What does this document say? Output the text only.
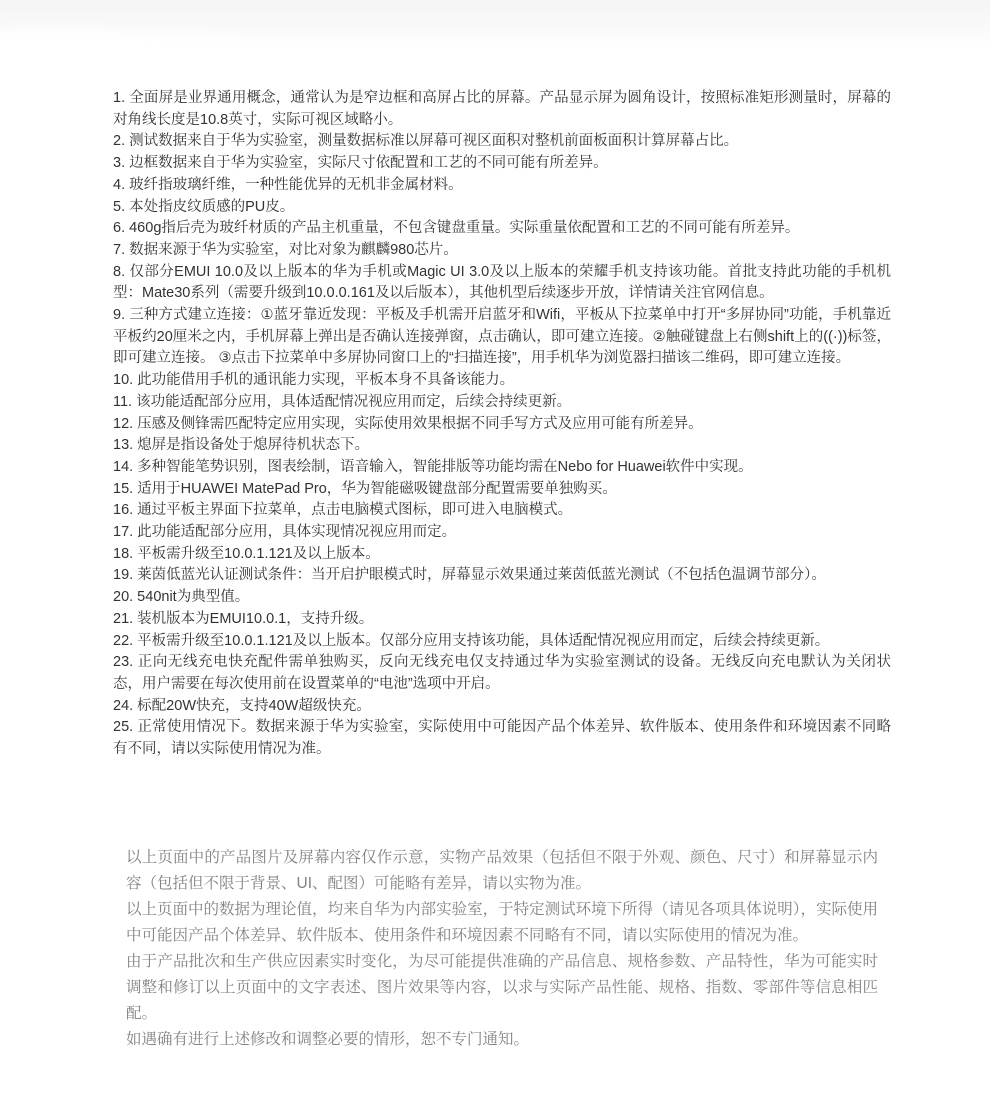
1. 全面屏是业界通用概念，通常认为是窄边框和高屏占比的屏幕。产品显示屏为圆角设计，按照标准矩形测量时，屏幕的对角线长度是10.8英寸，实际可视区域略小。

2. 测试数据来自于华为实验室，测量数据标准以屏幕可视区面积对整机前面板面积计算屏幕占比。

3. 边框数据来自于华为实验室，实际尺寸依配置和工艺的不同可能有所差异。

4. 玻纤指玻璃纤维，一种性能优异的无机非金属材料。

5. 本处指皮纹质感的PU皮。

6. 460g指后壳为玻纤材质的产品主机重量，不包含键盘重量。实际重量依配置和工艺的不同可能有所差异。

7. 数据来源于华为实验室，对比对象为麒麟980芯片。

8. 仅部分EMUI 10.0及以上版本的华为手机或Magic UI 3.0及以上版本的荣耀手机支持该功能。首批支持此功能的手机机型：Mate30系列（需要升级到10.0.0.161及以后版本），其他机型后续逐步开放，详情请关注官网信息。

9. 三种方式建立连接：①蓝牙靠近发现：平板及手机需开启蓝牙和Wifi，平板从下拉菜单中打开“多屏协同”功能，手机靠近平板约20厘米之内，手机屏幕上弹出是否确认连接弹窗，点击确认，即可建立连接。②触碰键盘上右侧shift上的((·))标签，即可建立连接。 ③点击下拉菜单中多屏协同窗口上的“扫描连接”，用手机华为浏览器扫描该二维码，即可建立连接。

10. 此功能借用手机的通讯能力实现，平板本身不具备该能力。

11. 该功能适配部分应用，具体适配情况视应用而定，后续会持续更新。

12. 压感及侧锋需匹配特定应用实现，实际使用效果根据不同手写方式及应用可能有所差异。

13. 熄屏是指设备处于熄屏待机状态下。

14. 多种智能笔势识别，图表绘制，语音输入，智能排版等功能均需在Nebo for Huawei软件中实现。

15. 适用于HUAWEI MatePad Pro，华为智能磁吸键盘部分配置需要单独购买。

16. 通过平板主界面下拉菜单，点击电脑模式图标，即可进入电脑模式。

17. 此功能适配部分应用，具体实现情况视应用而定。

18. 平板需升级至10.0.1.121及以上版本。

19. 莱茵低蓝光认证测试条件：当开启护眼模式时，屏幕显示效果通过莱茵低蓝光测试（不包括色温调节部分）。

20. 540nit为典型值。

21. 装机版本为EMUI10.0.1，支持升级。

22. 平板需升级至10.0.1.121及以上版本。仅部分应用支持该功能，具体适配情况视应用而定，后续会持续更新。

23. 正向无线充电快充配件需单独购买，反向无线充电仅支持通过华为实验室测试的设备。无线反向充电默认为关闭状态，用户需要在每次使用前在设置菜单的“电池”选项中开启。

24. 标配20W快充，支持40W超级快充。

25. 正常使用情况下。数据来源于华为实验室，实际使用中可能因产品个体差异、软件版本、使用条件和环境因素不同略有不同，请以实际使用情况为准。

以上页面中的产品图片及屏幕内容仅作示意，实物产品效果（包括但不限于外观、颜色、尺寸）和屏幕显示内容（包括但不限于背景、UI、配图）可能略有差异，请以实物为准。

以上页面中的数据为理论值，均来自华为内部实验室，于特定测试环境下所得（请见各项具体说明），实际使用中可能因产品个体差异、软件版本、使用条件和环境因素不同略有不同，请以实际使用的情况为准。

由于产品批次和生产供应因素实时变化，为尽可能提供准确的产品信息、规格参数、产品特性，华为可能实时调整和修订以上页面中的文字表述、图片效果等内容，以求与实际产品性能、规格、指数、零部件等信息相匹配。

如遇确有进行上述修改和调整必要的情形，恕不专门通知。
